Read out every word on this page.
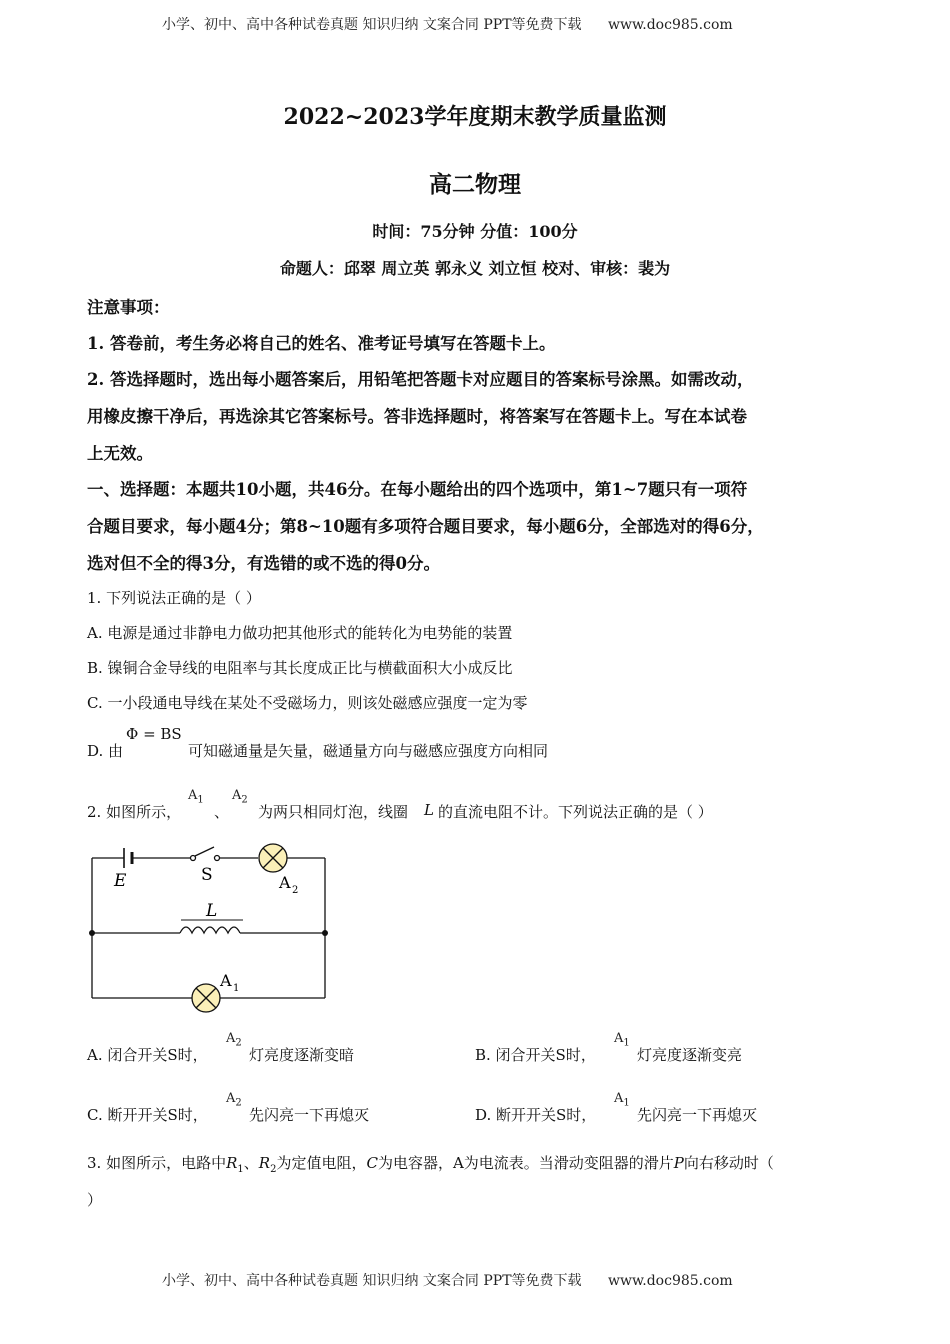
小学、初中、高中各种试卷真题 知识归纳 文案合同 PPT等免费下载 www.doc985.com
2022~2023学年度期末教学质量监测
高二物理
时间：75分钟 分值：100分
命题人：邱翠 周立英 郭永义 刘立恒 校对、审核：裴为
注意事项：
1. 答卷前，考生务必将自己的姓名、准考证号填写在答题卡上。
2. 答选择题时，选出每小题答案后，用铅笔把答题卡对应题目的答案标号涂黑。如需改动，
用橡皮擦干净后，再选涂其它答案标号。答非选择题时，将答案写在答题卡上。写在本试卷
上无效。
一、选择题：本题共10小题，共46分。在每小题给出的四个选项中，第1~7题只有一项符
合题目要求，每小题4分；第8~10题有多项符合题目要求，每小题6分，全部选对的得6分，
选对但不全的得3分，有选错的或不选的得0分。
1. 下列说法正确的是（ ）
A. 电源是通过非静电力做功把其他形式的能转化为电势能的装置
B. 镍铜合金导线的电阻率与其长度成正比与横截面积大小成反比
C. 一小段通电导线在某处不受磁场力，则该处磁感应强度一定为零
D. 由
Φ = BS
可知磁通量是矢量，磁通量方向与磁感应强度方向相同
2. 如图所示，
$A_1$
、
$A_2$
为两只相同灯泡，线圈 L 的直流电阻不计。下列说法正确的是（ ）
E	S	A 2
L
A 1
A. 闭合开关S时，
$A_2$
灯亮度逐渐变暗	B. 闭合开关S时，
$A_1$
灯亮度逐渐变亮
C. 断开开关S时，
$A_2$
先闪亮一下再熄灭	D. 断开开关S时，
$A_1$
先闪亮一下再熄灭
3. 如图所示，电路中$R_1$、$R_2$为定值电阻，C为电容器，A为电流表。当滑动变阻器的滑片P向右移动时（
）
小学、初中、高中各种试卷真题 知识归纳 文案合同 PPT等免费下载 www.doc985.com
